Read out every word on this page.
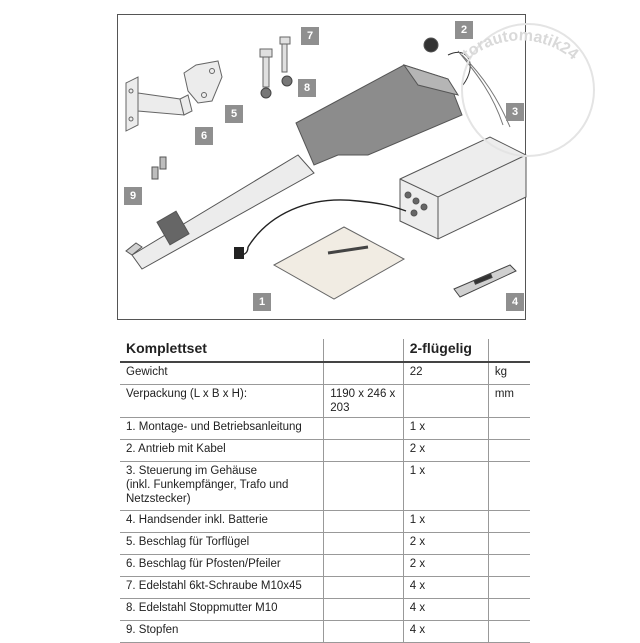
1
2
3
4
5
6
7
8
9
torautomatik24
Komplettset		2-flügelig	
Gewicht		22	kg
Verpackung (L x B x H):	1190 x 246 x 203		mm
1. Montage- und Betriebsanleitung		1 x	
2. Antrieb mit Kabel		2 x	
3. Steuerung im Gehäuse
(inkl. Funkempfänger, Trafo und Netzstecker)		1 x	
4. Handsender inkl. Batterie		1 x	
5. Beschlag für Torflügel		2 x	
6. Beschlag für Pfosten/Pfeiler		2 x	
7. Edelstahl 6kt-Schraube M10x45		4 x	
8. Edelstahl Stoppmutter M10		4 x	
9. Stopfen		4 x	
